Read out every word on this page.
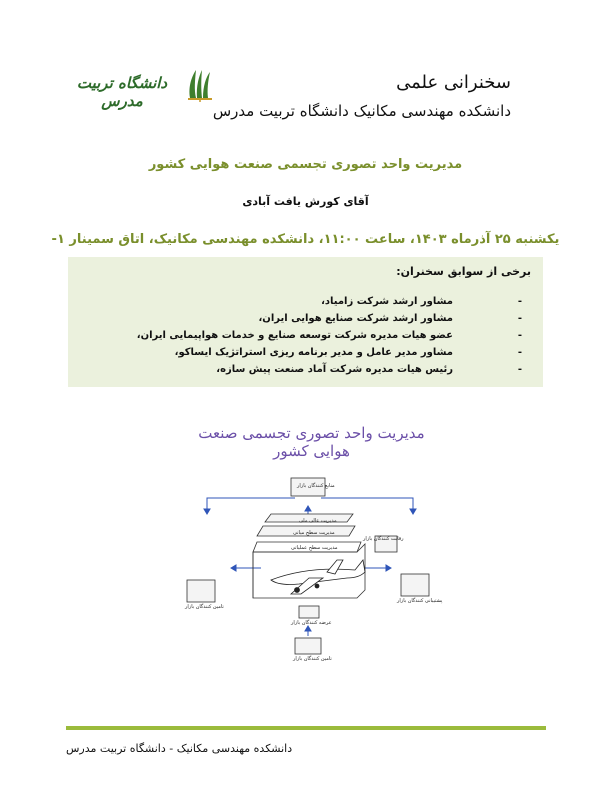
دانشگاه تربیت مدرس
سخنرانی علمی
دانشکده مهندسی مکانیک دانشگاه تربیت مدرس
مدیریت واحد تصوری تجسمی صنعت هوایی کشور
آقای کورش یافت آبادی
یکشنبه ۲۵ آذرماه ۱۴۰۳، ساعت ۱۱:۰۰، دانشکده مهندسی مکانیک، اتاق سمینار ۱-
برخی از سوابق سخنران:
-
مشاور ارشد شرکت زامیاد،
-
مشاور ارشد شرکت صنایع هوایی ایران،
-
عضو هیات مدیره شرکت توسعه صنایع و خدمات هواپیمایی ایران،
-
مشاور مدیر عامل و مدیر برنامه ریزی استراتژیک ایساکو،
-
رئیس هیات مدیره شرکت آماد صنعت پیش سازه،
مدیریت واحد تصوری تجسمی صنعت هوایی کشور
منابع کنندگان بازار
مدیریت عالی ملی
مدیریت سطح میانی
مدیریت سطح عملیاتی
رقابت کنندگان بازار
تامین کنندگان بازار
پشتیبانی کنندگان بازار
عرضه کنندگان بازار
تامین کنندگان بازار
دانشکده مهندسی مکانیک - دانشگاه تربیت مدرس
